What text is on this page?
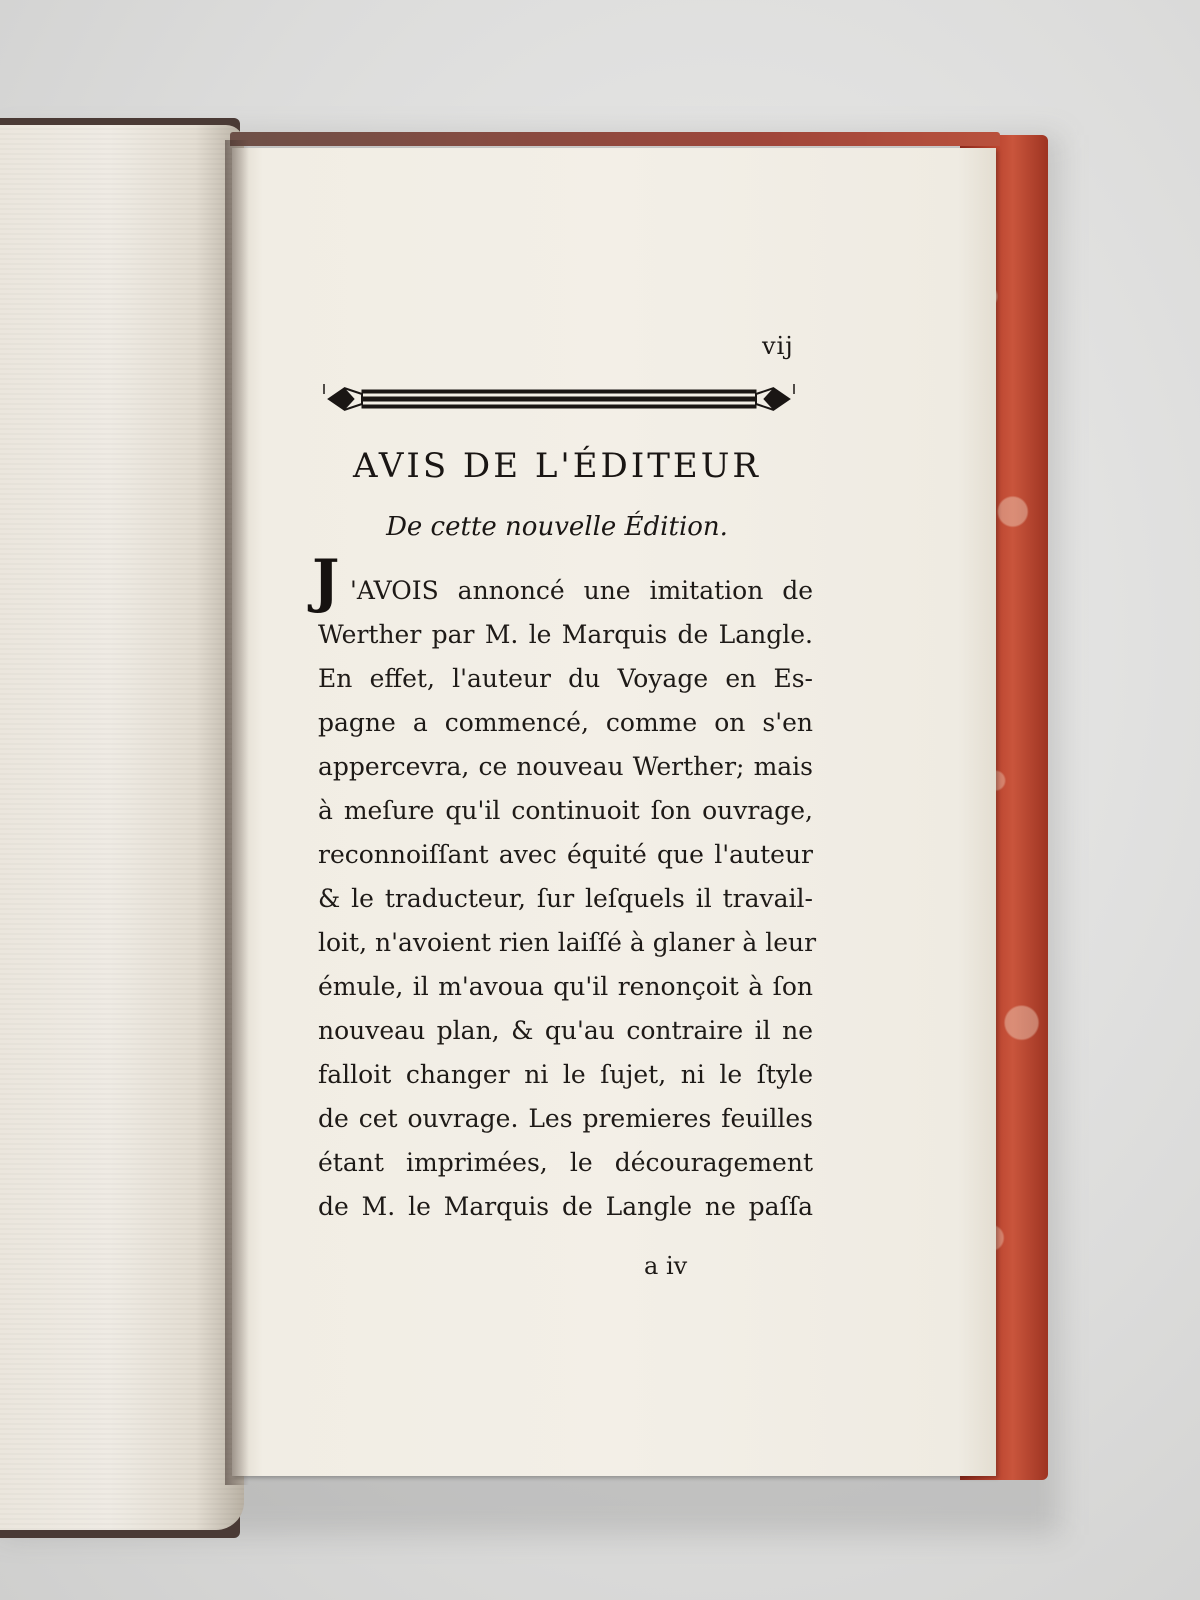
vij
AVIS DE L'ÉDITEUR
De cette nouvelle Édition.
J 'AVOIS annoncé une imitation de
Werther par M. le Marquis de Langle.
En effet, l'auteur du Voyage en Es-
pagne a commencé, comme on s'en
appercevra, ce nouveau Werther; mais
à meſure qu'il continuoit ſon ouvrage,
reconnoiſſant avec équité que l'auteur
& le traducteur, ſur leſquels il travail-
loit, n'avoient rien laiſſé à glaner à leur
émule, il m'avoua qu'il renonçoit à ſon
nouveau plan, & qu'au contraire il ne
falloit changer ni le ſujet, ni le ſtyle
de cet ouvrage. Les premieres feuilles
étant imprimées, le découragement
de M. le Marquis de Langle ne paſſa
a iv
